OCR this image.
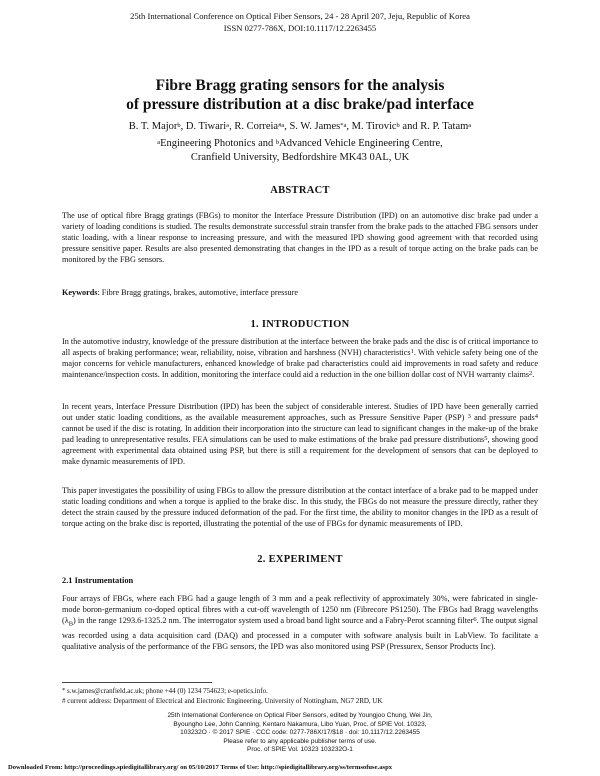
25th International Conference on Optical Fiber Sensors, 24 - 28 April 207, Jeju, Republic of Korea
ISSN 0277-786X, DOI:10.1117/12.2263455
Fibre Bragg grating sensors for the analysis
of pressure distribution at a disc brake/pad interface
B. T. Major$^b$, D. Tiwari$^a$, R. Correia$^{\#a}$, S. W. James$^{*a}$, M. Tirovic$^b$ and R. P. Tatam$^a$
$^a$Engineering Photonics and $^b$Advanced Vehicle Engineering Centre,
Cranfield University, Bedfordshire MK43 0AL, UK
ABSTRACT

The use of optical fibre Bragg gratings (FBGs) to monitor the Interface Pressure Distribution (IPD) on an automotive disc brake pad under a variety of loading conditions is studied. The results demonstrate successful strain transfer from the brake pads to the attached FBG sensors under static loading, with a linear response to increasing pressure, and with the measured IPD showing good agreement with that recorded using pressure sensitive paper. Results are also presented demonstrating that changes in the IPD as a result of torque acting on the brake pads can be monitored by the FBG sensors.

Keywords: Fibre Bragg gratings, brakes, automotive, interface pressure

1. INTRODUCTION

In the automotive industry, knowledge of the pressure distribution at the interface between the brake pads and the disc is of critical importance to all aspects of braking performance; wear, reliability, noise, vibration and harshness (NVH) characteristics$^1$. With vehicle safety being one of the major concerns for vehicle manufacturers, enhanced knowledge of brake pad characteristics could aid improvements in road safety and reduce maintenance/inspection costs. In addition, monitoring the interface could aid a reduction in the one billion dollar cost of NVH warranty claims$^2$.

In recent years, Interface Pressure Distribution (IPD) has been the subject of considerable interest. Studies of IPD have been generally carried out under static loading conditions, as the available measurement approaches, such as Pressure Sensitive Paper (PSP) $^3$ and pressure pads$^4$ cannot be used if the disc is rotating. In addition their incorporation into the structure can lead to significant changes in the make-up of the brake pad leading to unrepresentative results. FEA simulations can be used to make estimations of the brake pad pressure distributions$^5$, showing good agreement with experimental data obtained using PSP, but there is still a requirement for the development of sensors that can be deployed to make dynamic measurements of IPD.

This paper investigates the possibility of using FBGs to allow the pressure distribution at the contact interface of a brake pad to be mapped under static loading conditions and when a torque is applied to the brake disc. In this study, the FBGs do not measure the pressure directly, rather they detect the strain caused by the pressure induced deformation of the pad. For the first time, the ability to monitor changes in the IPD as a result of torque acting on the brake disc is reported, illustrating the potential of the use of FBGs for dynamic measurements of IPD.

2. EXPERIMENT
2.1 Instrumentation

Four arrays of FBGs, where each FBG had a gauge length of 3 mm and a peak reflectivity of approximately 30%, were fabricated in single-mode boron-germanium co-doped optical fibres with a cut-off wavelength of 1250 nm (Fibrecore PS1250). The FBGs had Bragg wavelengths $(\lambda_B)$ in the range 1293.6-1325.2 nm. The interrogator system used a broad band light source and a Fabry-Perot scanning filter$^6$. The output signal was recorded using a data acquisition card (DAQ) and processed in a computer with software analysis built in LabView. To facilitate a qualitative analysis of the performance of the FBG sensors, the IPD was also monitored using PSP (Pressurex, Sensor Products Inc).

* s.w.james@cranfield.ac.uk; phone +44 (0) 1234 754623; e-opetics.info.
# current address: Department of Electrical and Electronic Engineering, University of Nottingham, NG7 2RD, UK
25th International Conference on Optical Fiber Sensors, edited by Youngjoo Chung, Wei Jin,
Byoungho Lee, John Canning, Kentaro Nakamura, Libo Yuan, Proc. of SPIE Vol. 10323,
103232O · © 2017 SPIE · CCC code: 0277-786X/17/$18 · doi: 10.1117/12.2263455
Please refer to any applicable publisher terms of use.
Proc. of SPIE Vol. 10323 103232O-1
Downloaded From: http://proceedings.spiedigitallibrary.org/ on 05/10/2017 Terms of Use: http://spiedigitallibrary.org/ss/termsofuse.aspx
